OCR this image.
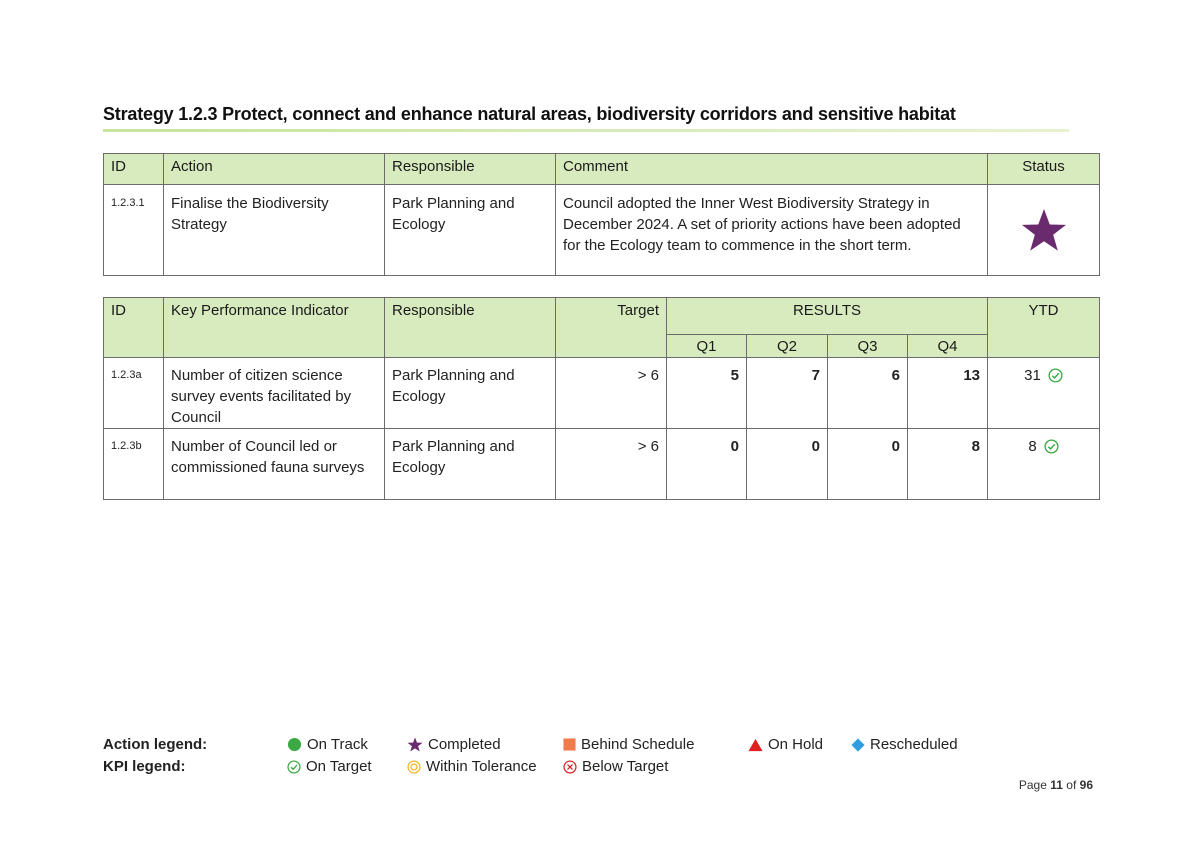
Strategy 1.2.3 Protect, connect and enhance natural areas, biodiversity corridors and sensitive habitat
ID	Action	Responsible	Comment	Status
1.2.3.1	Finalise the Biodiversity Strategy	Park Planning and Ecology	Council adopted the Inner West Biodiversity Strategy in December 2024. A set of priority actions have been adopted for the Ecology team to commence in the short term.	
ID	Key Performance Indicator	Responsible	Target	RESULTS				YTD
				Q1	Q2	Q3	Q4	
1.2.3a	Number of citizen science survey events facilitated by Council	Park Planning and Ecology	> 6	5	7	6	13	31

1.2.3b	Number of Council led or commissioned fauna surveys	Park Planning and Ecology	> 6	0	0	0	8	8
Action legend:	On Track	Completed	Behind Schedule	On Hold	Rescheduled
KPI legend:	On Target	Within Tolerance	Below Target
Page 11 of 96
